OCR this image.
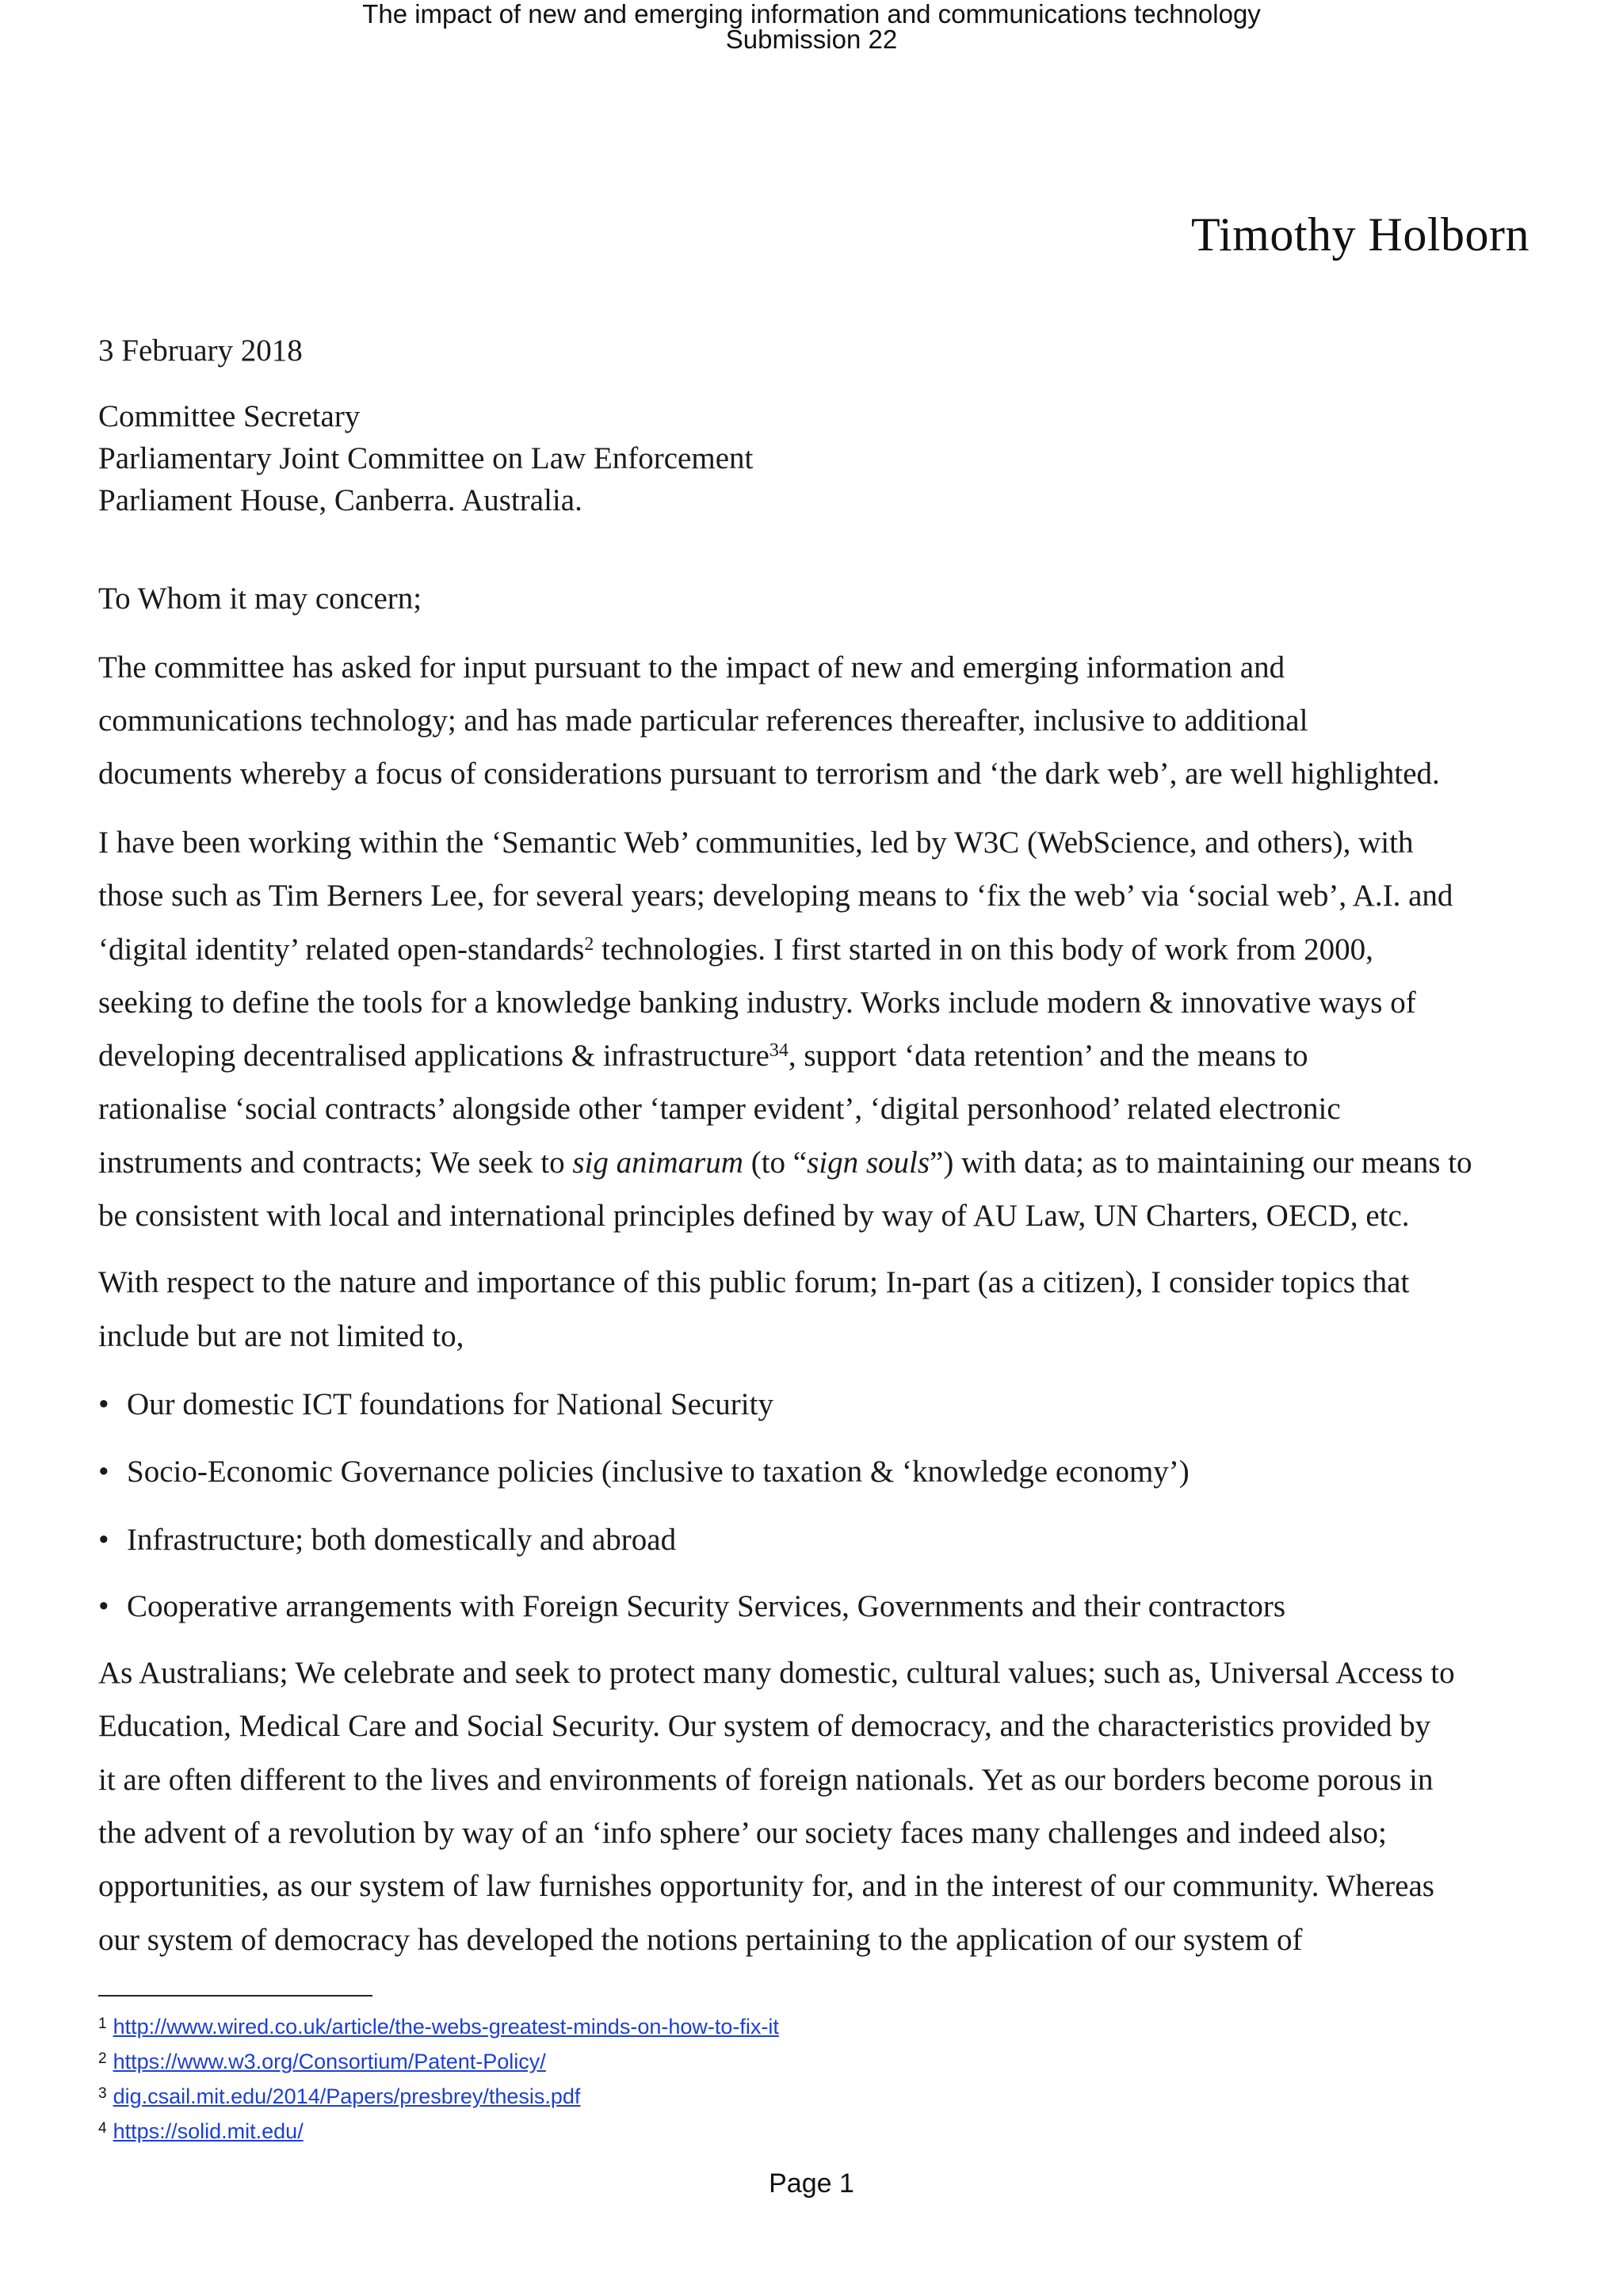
The impact of new and emerging information and communications technology
Submission 22
Timothy Holborn
3 February 2018
Committee Secretary
Parliamentary Joint Committee on Law Enforcement
Parliament House, Canberra. Australia.
To Whom it may concern;
The committee has asked for input pursuant to the impact of new and emerging information and
communications technology; and has made particular references thereafter, inclusive to additional
documents whereby a focus of considerations pursuant to terrorism and ‘the dark web’, are well highlighted.
I have been working within the ‘Semantic Web’ communities, led by W3C (WebScience, and others), with
those such as Tim Berners Lee, for several years; developing means to ‘fix the web’ via ‘social web’, A.I. and
‘digital identity’ related open-standards$^2$ technologies. I first started in on this body of work from 2000,
seeking to define the tools for a knowledge banking industry. Works include modern & innovative ways of
developing decentralised applications & infrastructure$^{34}$, support ‘data retention’ and the means to
rationalise ‘social contracts’ alongside other ‘tamper evident’, ‘digital personhood’ related electronic
instruments and contracts; We seek to sig animarum (to “sign souls”) with data; as to maintaining our means to
be consistent with local and international principles defined by way of AU Law, UN Charters, OECD, etc.
With respect to the nature and importance of this public forum; In-part (as a citizen), I consider topics that
include but are not limited to,
• Our domestic ICT foundations for National Security
• Socio-Economic Governance policies (inclusive to taxation & ‘knowledge economy’)
• Infrastructure; both domestically and abroad
• Cooperative arrangements with Foreign Security Services, Governments and their contractors
As Australians; We celebrate and seek to protect many domestic, cultural values; such as, Universal Access to
Education, Medical Care and Social Security. Our system of democracy, and the characteristics provided by
it are often different to the lives and environments of foreign nationals. Yet as our borders become porous in
the advent of a revolution by way of an ‘info sphere’ our society faces many challenges and indeed also;
opportunities, as our system of law furnishes opportunity for, and in the interest of our community. Whereas
our system of democracy has developed the notions pertaining to the application of our system of
$^1$ http://www.wired.co.uk/article/the-webs-greatest-minds-on-how-to-fix-it
$^2$ https://www.w3.org/Consortium/Patent-Policy/
$^3$ dig.csail.mit.edu/2014/Papers/presbrey/thesis.pdf
$^4$ https://solid.mit.edu/
Page 1
